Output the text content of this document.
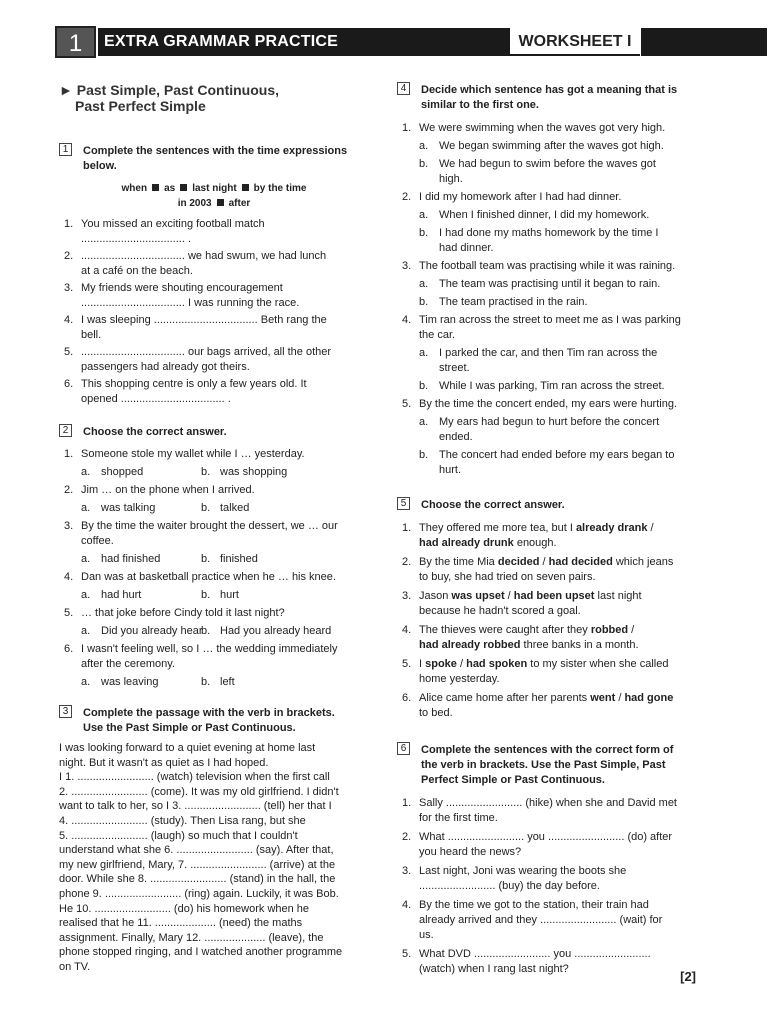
1	EXTRA GRAMMAR PRACTICE	WORKSHEET I
► Past Simple, Past Continuous,
Past Perfect Simple
1	Complete the sentences with the time expressions below.
when as last night by the time
in 2003 after
1. You missed an exciting football match
.................................. .
2. .................................. we had swum, we had lunch
at a café on the beach.
3. My friends were shouting encouragement
.................................. I was running the race.
4. I was sleeping .................................. Beth rang the
bell.
5. .................................. our bags arrived, all the other
passengers had already got theirs.
6. This shopping centre is only a few years old. It
opened .................................. .
2	Choose the correct answer.
1. Someone stole my wallet while I … yesterday.
a. shopped	b. was shopping
2. Jim … on the phone when I arrived.
a. was talking	b. talked
3. By the time the waiter brought the dessert, we … our
coffee.
a. had finished	b. finished
4. Dan was at basketball practice when he … his knee.
a. had hurt	b. hurt
5. … that joke before Cindy told it last night?
a. Did you already hear
b. Had you already heard
6. I wasn't feeling well, so I … the wedding immediately
after the ceremony.
a. was leaving	b. left
3	Complete the passage with the verb in brackets.
Use the Past Simple or Past Continuous.
I was looking forward to a quiet evening at home last
night. But it wasn't as quiet as I had hoped.
I 1. ......................... (watch) television when the first call
2. ......................... (come). It was my old girlfriend. I didn't
want to talk to her, so I 3. ......................... (tell) her that I
4. ......................... (study). Then Lisa rang, but she
5. ......................... (laugh) so much that I couldn't
understand what she 6. ......................... (say). After that,
my new girlfriend, Mary, 7. ......................... (arrive) at the
door. While she 8. ......................... (stand) in the hall, the
phone 9. ......................... (ring) again. Luckily, it was Bob.
He 10. ......................... (do) his homework when he
realised that he 11. .................... (need) the maths
assignment. Finally, Mary 12. .................... (leave), the
phone stopped ringing, and I watched another programme
on TV.
4	Decide which sentence has got a meaning that is
similar to the first one.
1. We were swimming when the waves got very high.
a. We began swimming after the waves got high.
b. We had begun to swim before the waves got
high.
2. I did my homework after I had had dinner.
a. When I finished dinner, I did my homework.
b. I had done my maths homework by the time I
had dinner.
3. The football team was practising while it was raining.
a. The team was practising until it began to rain.
b. The team practised in the rain.
4. Tim ran across the street to meet me as I was parking
the car.
a. I parked the car, and then Tim ran across the
street.
b. While I was parking, Tim ran across the street.
5. By the time the concert ended, my ears were hurting.
a. My ears had begun to hurt before the concert
ended.
b. The concert had ended before my ears began to
hurt.
5	Choose the correct answer.
1. They offered me more tea, but I already drank /
had already drunk enough.
2. By the time Mia decided / had decided which jeans
to buy, she had tried on seven pairs.
3. Jason was upset / had been upset last night
because he hadn't scored a goal.
4. The thieves were caught after they robbed /
had already robbed three banks in a month.
5. I spoke / had spoken to my sister when she called
home yesterday.
6. Alice came home after her parents went / had gone
to bed.
6	Complete the sentences with the correct form of
the verb in brackets. Use the Past Simple, Past
Perfect Simple or Past Continuous.
1. Sally ......................... (hike) when she and David met
for the first time.
2. What ......................... you ......................... (do) after
you heard the news?
3. Last night, Joni was wearing the boots she
......................... (buy) the day before.
4. By the time we got to the station, their train had
already arrived and they ......................... (wait) for
us.
5. What DVD ......................... you .........................
(watch) when I rang last night?	[2]
